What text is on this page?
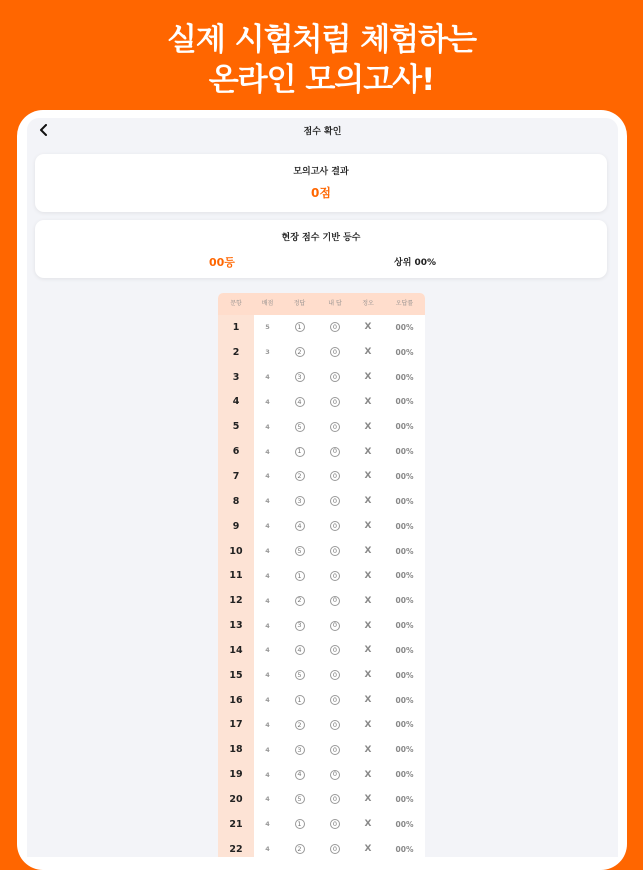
실제 시험처럼 체험하는
온라인 모의고사!
점수 확인
모의고사 결과
0점
현장 점수 기반 등수
00등	상위 00%
문항	배점	정답	내 답	정오	오답률
1	5	1	0	X	00%
2	3	2	0	X	00%
3	4	3	0	X	00%
4	4	4	0	X	00%
5	4	5	0	X	00%
6	4	1	0	X	00%
7	4	2	0	X	00%
8	4	3	0	X	00%
9	4	4	0	X	00%
10	4	5	0	X	00%
11	4	1	0	X	00%
12	4	2	0	X	00%
13	4	3	0	X	00%
14	4	4	0	X	00%
15	4	5	0	X	00%
16	4	1	0	X	00%
17	4	2	0	X	00%
18	4	3	0	X	00%
19	4	4	0	X	00%
20	4	5	0	X	00%
21	4	1	0	X	00%
22	4	2	0	X	00%
